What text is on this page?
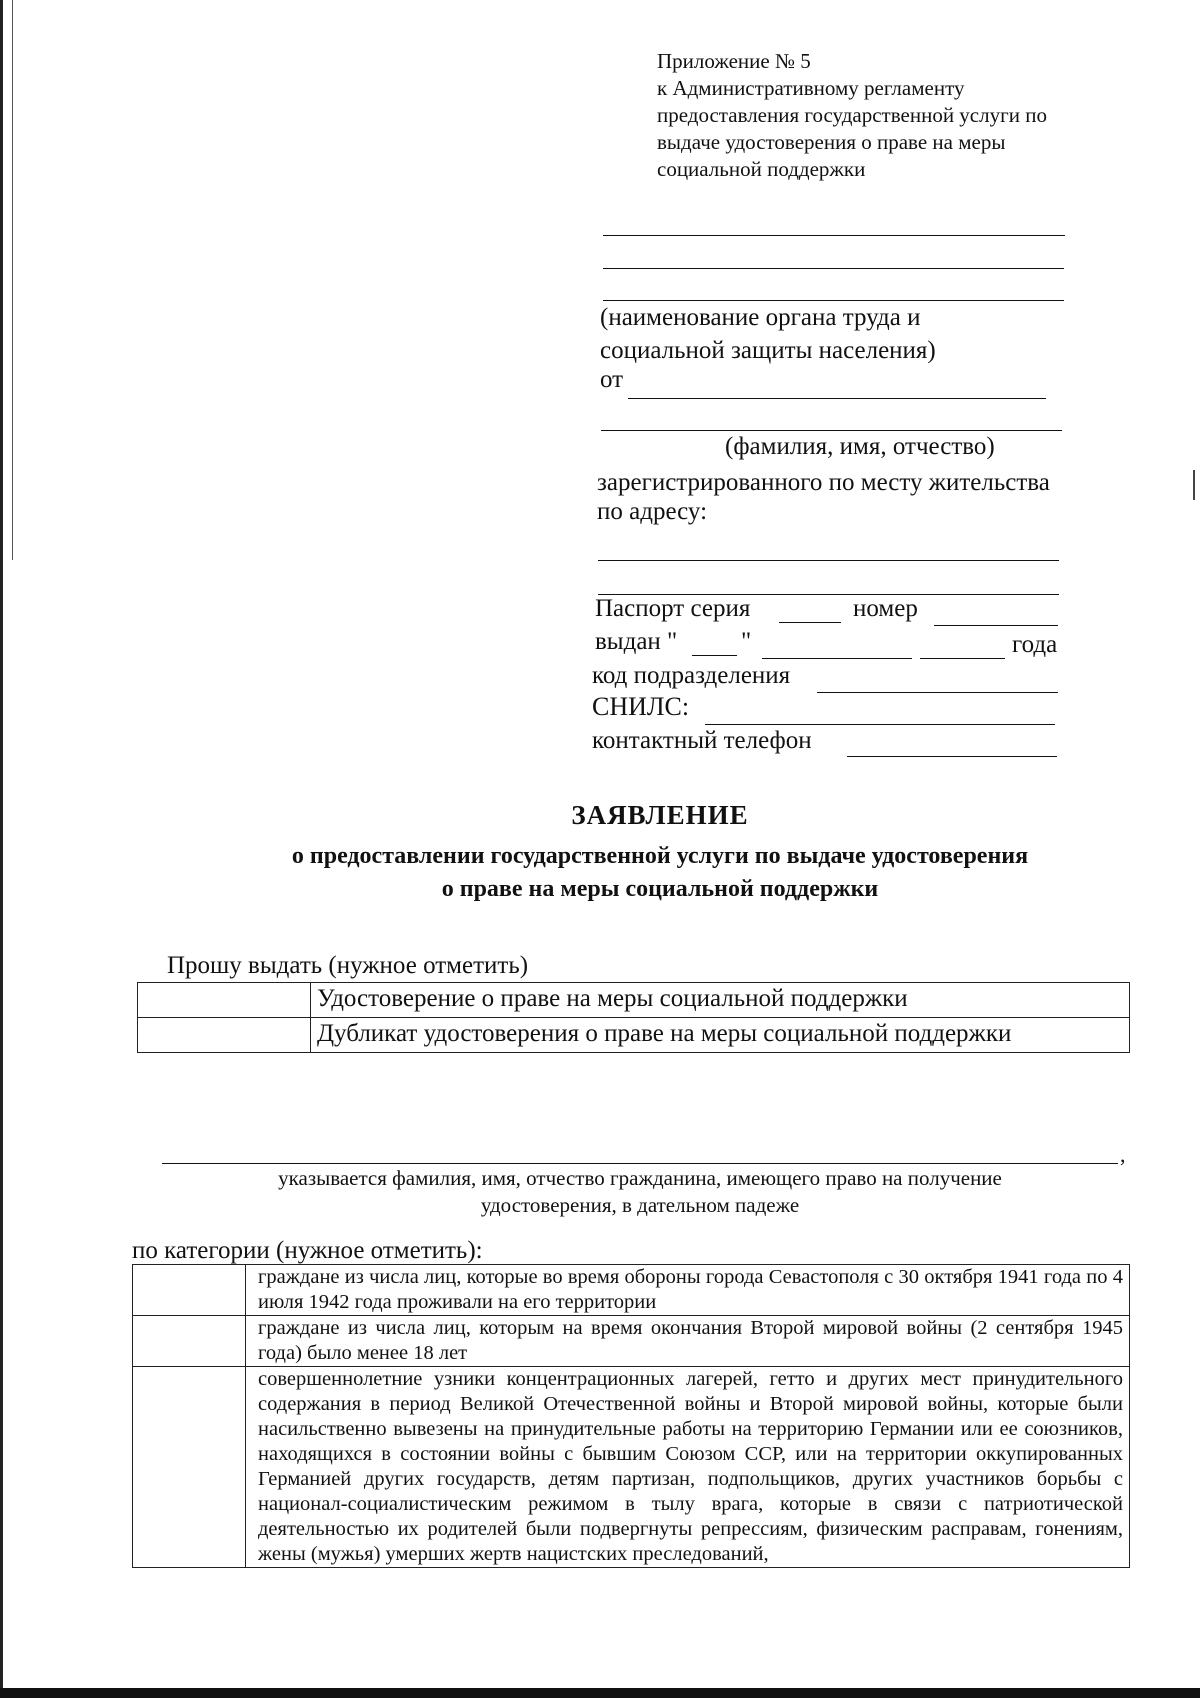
Приложение № 5
к Административному регламенту
предоставления государственной услуги по
выдаче удостоверения о праве на меры
социальной поддержки
(наименование органа труда и
социальной защиты населения)
от
(фамилия, имя, отчество)
зарегистрированного по месту жительства
по адресу:
Паспорт серия	номер
выдан "	"	года
код подразделения
СНИЛС:
контактный телефон
ЗАЯВЛЕНИЕ
о предоставлении государственной услуги по выдаче удостоверения
о праве на меры социальной поддержки
Прошу выдать (нужное отметить)
	Удостоверение о праве на меры социальной поддержки
	Дубликат удостоверения о праве на меры социальной поддержки
,
указывается фамилия, имя, отчество гражданина, имеющего право на получение
удостоверения, в дательном падеже
по категории (нужное отметить):
	граждане из числа лиц, которые во время обороны города Севастополя с 30 октября 1941 года по 4 июля 1942 года проживали на его территории
	граждане из числа лиц, которым на время окончания Второй мировой войны (2 сентября 1945 года) было менее 18 лет
	совершеннолетние узники концентрационных лагерей, гетто и других мест принудительного содержания в период Великой Отечественной войны и Второй мировой войны, которые были насильственно вывезены на принудительные работы на территорию Германии или ее союзников, находящихся в состоянии войны с бывшим Союзом ССР, или на территории оккупированных Германией других государств, детям партизан, подпольщиков, других участников борьбы с национал-социалистическим режимом в тылу врага, которые в связи с патриотической деятельностью их родителей были подвергнуты репрессиям, физическим расправам, гонениям, жены (мужья) умерших жертв нацистских преследований,
